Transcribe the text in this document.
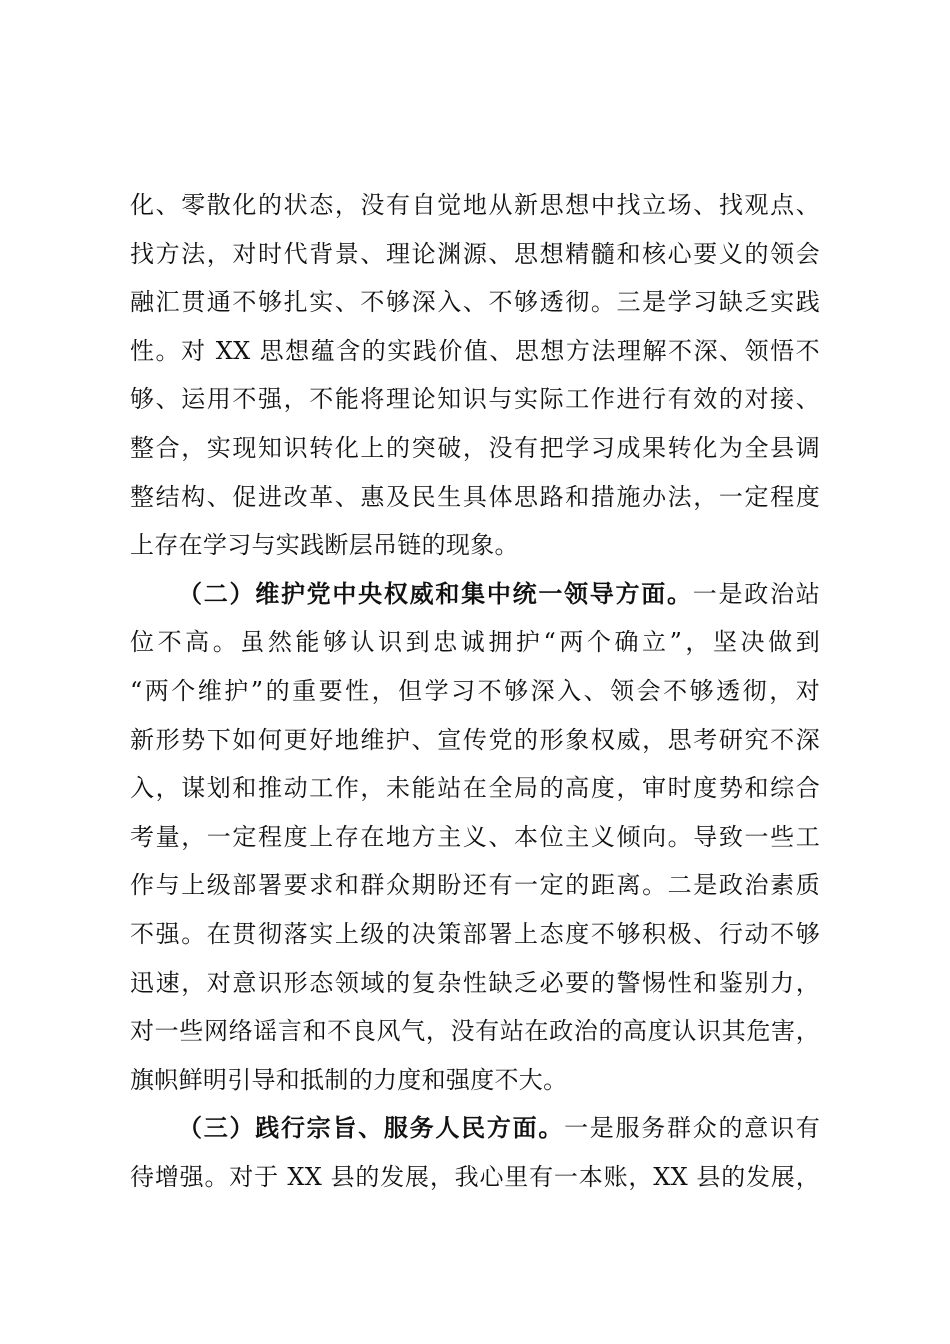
化、零散化的状态，没有自觉地从新思想中找立场、找观点、
找方法，对时代背景、理论渊源、思想精髓和核心要义的领会
融汇贯通不够扎实、不够深入、不够透彻。三是学习缺乏实践
性。对 XX 思想蕴含的实践价值、思想方法理解不深、领悟不
够、运用不强，不能将理论知识与实际工作进行有效的对接、
整合，实现知识转化上的突破，没有把学习成果转化为全县调
整结构、促进改革、惠及民生具体思路和措施办法，一定程度
上存在学习与实践断层吊链的现象。
（二）维护党中央权威和集中统一领导方面。一是政治站
位不高。虽然能够认识到忠诚拥护“两个确立”，坚决做到
“两个维护”的重要性，但学习不够深入、领会不够透彻，对
新形势下如何更好地维护、宣传党的形象权威，思考研究不深
入，谋划和推动工作，未能站在全局的高度，审时度势和综合
考量，一定程度上存在地方主义、本位主义倾向。导致一些工
作与上级部署要求和群众期盼还有一定的距离。二是政治素质
不强。在贯彻落实上级的决策部署上态度不够积极、行动不够
迅速，对意识形态领域的复杂性缺乏必要的警惕性和鉴别力，
对一些网络谣言和不良风气，没有站在政治的高度认识其危害，
旗帜鲜明引导和抵制的力度和强度不大。
（三）践行宗旨、服务人民方面。一是服务群众的意识有
待增强。对于 XX 县的发展，我心里有一本账，XX 县的发展，
